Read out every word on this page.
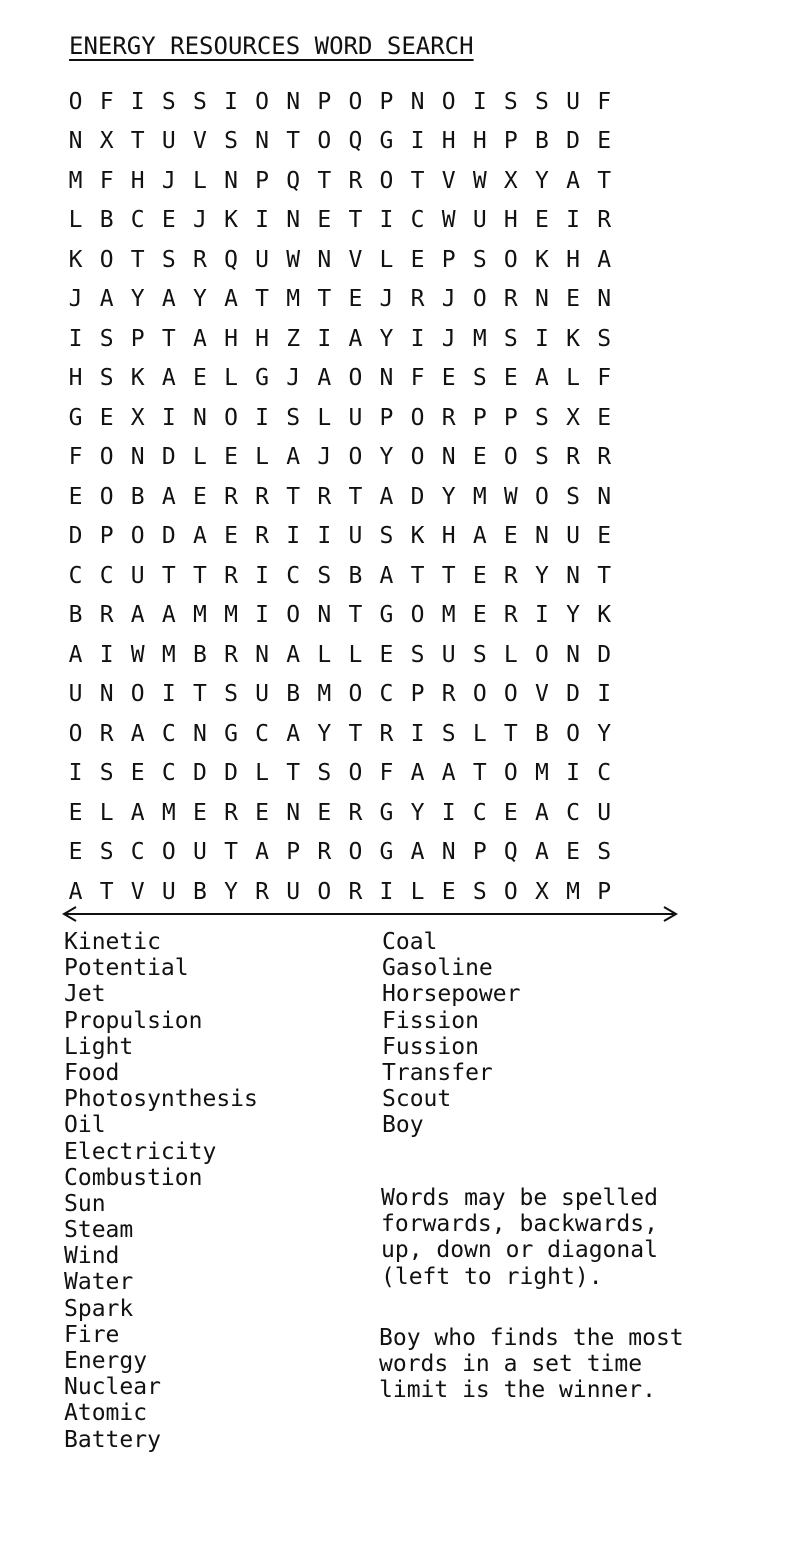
ENERGY RESOURCES WORD SEARCH
O F I S S I O N P O P N O I S S U F
N X T U V S N T O Q G I H H P B D E
M F H J L N P Q T R O T V W X Y A T
L B C E J K I N E T I C W U H E I R
K O T S R Q U W N V L E P S O K H A
J A Y A Y A T M T E J R J O R N E N
I S P T A H H Z I A Y I J M S I K S
H S K A E L G J A O N F E S E A L F
G E X I N O I S L U P O R P P S X E
F O N D L E L A J O Y O N E O S R R
E O B A E R R T R T A D Y M W O S N
D P O D A E R I I U S K H A E N U E
C C U T T R I C S B A T T E R Y N T
B R A A M M I O N T G O M E R I Y K
A I W M B R N A L L E S U S L O N D
U N O I T S U B M O C P R O O V D I
O R A C N G C A Y T R I S L T B O Y
I S E C D D L T S O F A A T O M I C
E L A M E R E N E R G Y I C E A C U
E S C O U T A P R O G A N P Q A E S
A T V U B Y R U O R I L E S O X M P
Kinetic
Potential
Jet
Propulsion
Light
Food
Photosynthesis
Oil
Electricity
Combustion
Sun
Steam
Wind
Water
Spark
Fire
Energy
Nuclear
Atomic
Battery
Coal
Gasoline
Horsepower
Fission
Fussion
Transfer
Scout
Boy
Words may be spelled
forwards, backwards,
up, down or diagonal
(left to right).
Boy who finds the most
words in a set time
limit is the winner.
